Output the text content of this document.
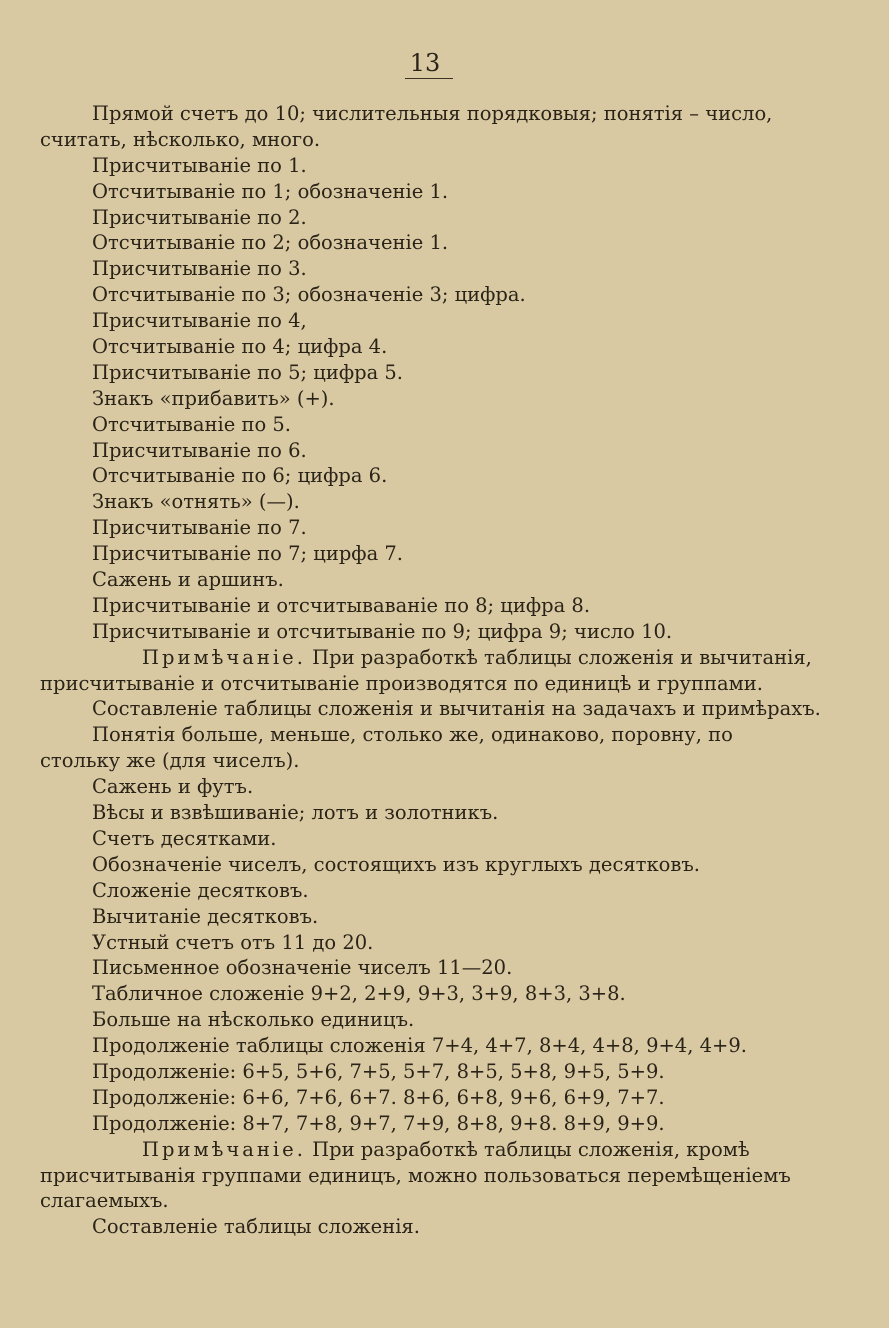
13
Прямой счетъ до 10; числительныя порядковыя; понятія – число,
считать, нѣсколько, много.
Присчитываніе по 1.
Отсчитываніе по 1; обозначеніе 1.
Присчитываніе по 2.
Отсчитываніе по 2; обозначеніе 1.
Присчитываніе по 3.
Отсчитываніе по 3; обозначеніе 3; цифра.
Присчитываніе по 4,
Отсчитываніе по 4; цифра 4.
Присчитываніе по 5; цифра 5.
Знакъ «прибавить» (+).
Отсчитываніе по 5.
Присчитываніе по 6.
Отсчитываніе по 6; цифра 6.
Знакъ «отнять» (—).
Присчитываніе по 7.
Присчитываніе по 7; цирфа 7.
Сажень и аршинъ.
Присчитываніе и отсчитываваніе по 8; цифра 8.
Присчитываніе и отсчитываніе по 9; цифра 9; число 10.
Примѣчаніе. При разработкѣ таблицы сложенія и вычитанія,
присчитываніе и отсчитываніе производятся по единицѣ и группами.
Составленіе таблицы сложенія и вычитанія на задачахъ и примѣрахъ.
Понятія больше, меньше, столько же, одинаково, поровну, по
стольку же (для чиселъ).
Сажень и футъ.
Вѣсы и взвѣшиваніе; лотъ и золотникъ.
Счетъ десятками.
Обозначеніе чиселъ, состоящихъ изъ круглыхъ десятковъ.
Сложеніе десятковъ.
Вычитаніе десятковъ.
Устный счетъ отъ 11 до 20.
Письменное обозначеніе чиселъ 11—20.
Табличное сложеніе 9+2, 2+9, 9+3, 3+9, 8+3, 3+8.
Больше на нѣсколько единицъ.
Продолженіе таблицы сложенія 7+4, 4+7, 8+4, 4+8, 9+4, 4+9.
Продолженіе: 6+5, 5+6, 7+5, 5+7, 8+5, 5+8, 9+5, 5+9.
Продолженіе: 6+6, 7+6, 6+7. 8+6, 6+8, 9+6, 6+9, 7+7.
Продолженіе: 8+7, 7+8, 9+7, 7+9, 8+8, 9+8. 8+9, 9+9.
Примѣчаніе. При разработкѣ таблицы сложенія, кромѣ
присчитыванія группами единицъ, можно пользоваться перемѣщеніемъ
слагаемыхъ.
Составленіе таблицы сложенія.
